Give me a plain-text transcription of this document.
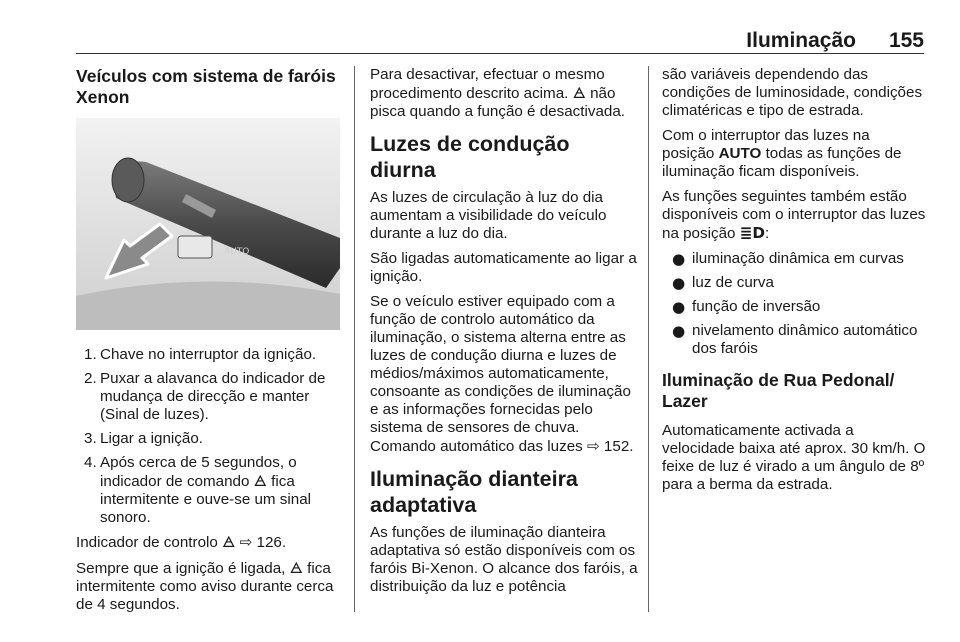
Iluminação 155
Veículos com sistema de faróis Xenon
AUTO
1. Chave no interruptor da ignição.
2. Puxar a alavanca do indicador de mudança de direcção e manter (Sinal de luzes).
3. Ligar a ignição.
4. Após cerca de 5 segundos, o indicador de comando 🜁 fica intermitente e ouve-se um sinal sonoro.

Indicador de controlo 🜁 ⇨ 126.

Sempre que a ignição é ligada, 🜁 fica intermitente como aviso durante cerca de 4 segundos.

Para desactivar, efectuar o mesmo procedimento descrito acima. 🜁 não pisca quando a função é desactivada.

Luzes de condução diurna

As luzes de circulação à luz do dia aumentam a visibilidade do veículo durante a luz do dia.

São ligadas automaticamente ao ligar a ignição.

Se o veículo estiver equipado com a função de controlo automático da iluminação, o sistema alterna entre as luzes de condução diurna e luzes de médios/máximos automaticamente, consoante as condições de iluminação e as informações fornecidas pelo sistema de sensores de chuva. Comando automático das luzes ⇨ 152.

Iluminação dianteira adaptativa

As funções de iluminação dianteira adaptativa só estão disponíveis com os faróis Bi-Xenon. O alcance dos faróis, a distribuição da luz e potência

são variáveis dependendo das condições de luminosidade, condições climatéricas e tipo de estrada.

Com o interruptor das luzes na posição AUTO todas as funções de iluminação ficam disponíveis.

As funções seguintes também estão disponíveis com o interruptor das luzes na posição ≣D:

● iluminação dinâmica em curvas
● luz de curva
● função de inversão
● nivelamento dinâmico automático dos faróis
Iluminação de Rua Pedonal/ Lazer

Automaticamente activada a velocidade baixa até aprox. 30 km/h. O feixe de luz é virado a um ângulo de 8º para a berma da estrada.
